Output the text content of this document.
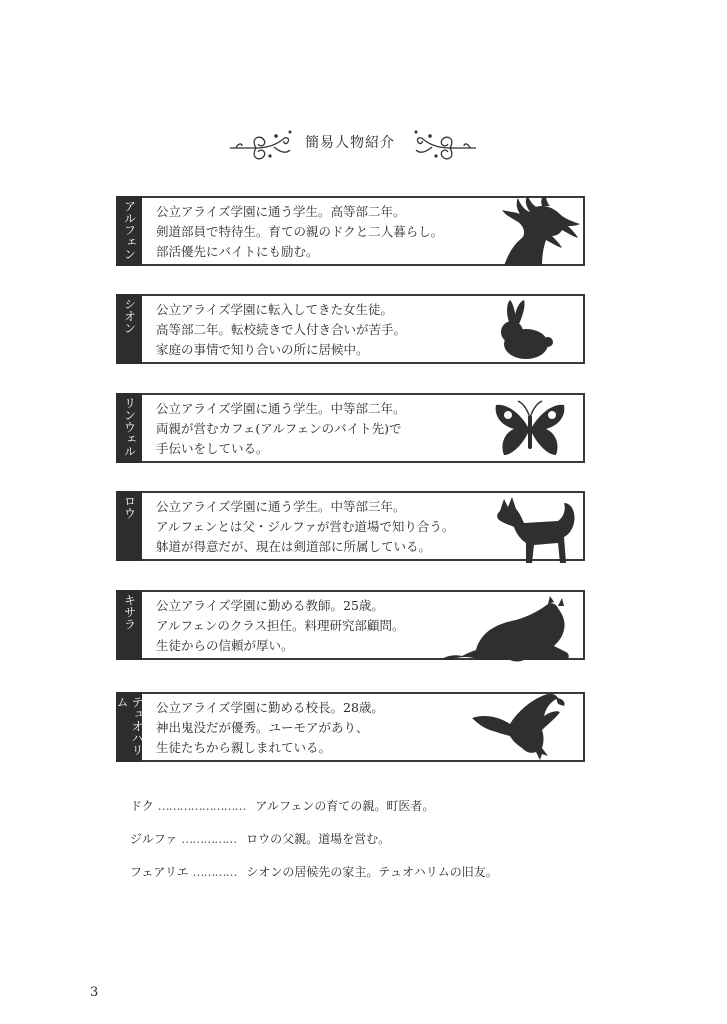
簡易人物紹介
アルフェン 公立アライズ学園に通う学生。高等部二年。
剣道部員で特待生。育ての親のドクと二人暮らし。
部活優先にバイトにも励む。
シオン 公立アライズ学園に転入してきた女生徒。
高等部二年。転校続きで人付き合いが苦手。
家庭の事情で知り合いの所に居候中。
リンウェル 公立アライズ学園に通う学生。中等部二年。
両親が営むカフェ(アルフェンのバイト先)で
手伝いをしている。
ロウ 公立アライズ学園に通う学生。中等部三年。
アルフェンとは父・ジルファが営む道場で知り合う。
躰道が得意だが、現在は剣道部に所属している。
キサラ 公立アライズ学園に勤める教師。25歳。
アルフェンのクラス担任。料理研究部顧問。
生徒からの信頼が厚い。
テュオハリム	公立アライズ学園に勤める校長。28歳。
神出鬼没だが優秀。ユーモアがあり、
生徒たちから親しまれている。
ドク …………………… アルフェンの育ての親。町医者。
ジルファ …………… ロウの父親。道場を営む。
フェアリエ ………… シオンの居候先の家主。テュオハリムの旧友。
3
